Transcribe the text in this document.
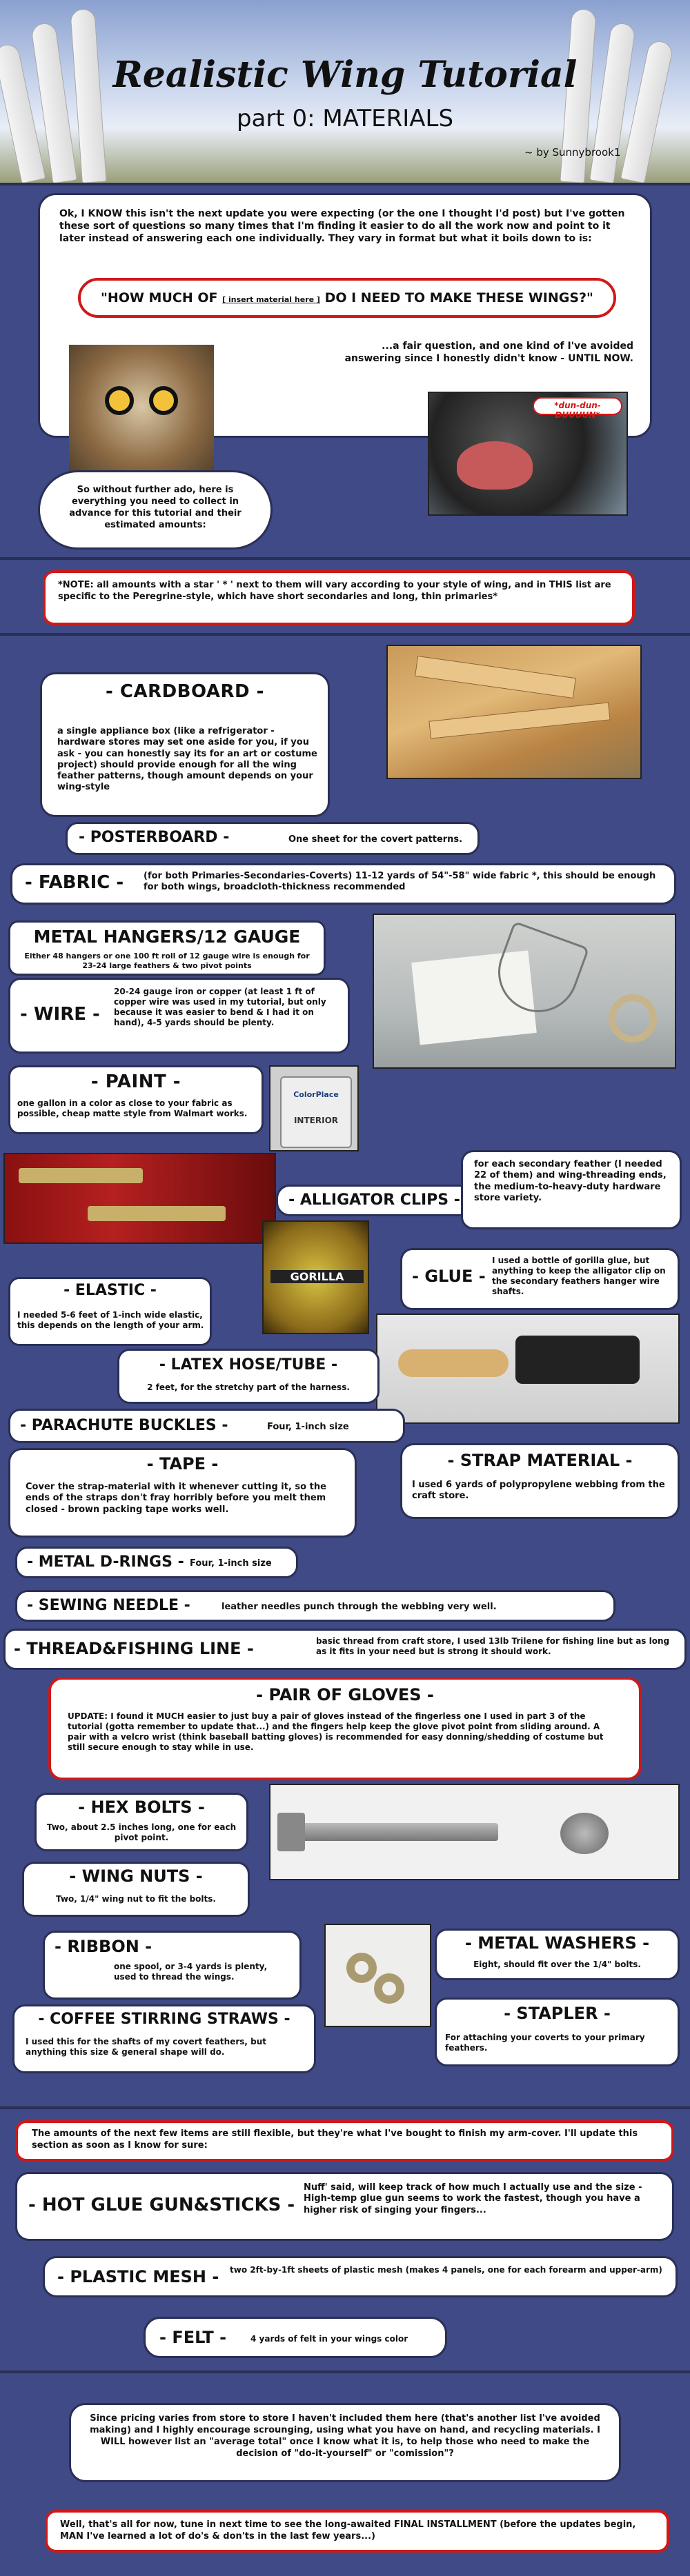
Realistic Wing Tutorial
part 0: MATERIALS
~ by Sunnybrook1
Ok, I KNOW this isn't the next update you were expecting (or the one I thought I'd post) but I've gotten these sort of questions so many times that I'm finding it easier to do all the work now and point to it later instead of answering each one individually. They vary in format but what it boils down to is:
"HOW MUCH OF [ insert material here ] DO I NEED TO MAKE THESE WINGS?"
...a fair question, and one kind of I've avoided answering since I honestly didn't know - UNTIL NOW.
*dun-dun-DUUUUN*
So without further ado, here is everything you need to collect in advance for this tutorial and their estimated amounts:
*NOTE: all amounts with a star ' * ' next to them will vary according to your style of wing, and in THIS list are specific to the Peregrine-style, which have short secondaries and long, thin primaries*
- CARDBOARD -
a single appliance box (like a refrigerator - hardware stores may set one aside for you, if you ask - you can honestly say its for an art or costume project) should provide enough for all the wing feather patterns, though amount depends on your wing-style
- POSTERBOARD -	One sheet for the covert patterns.
- FABRIC - (for both Primaries-Secondaries-Coverts) 11-12 yards of 54"-58" wide fabric *, this should be enough for both wings, broadcloth-thickness recommended
METAL HANGERS/12 GAUGE
Either 48 hangers or one 100 ft roll of 12 gauge wire is enough for 23-24 large feathers & two pivot points
- WIRE -
20-24 gauge iron or copper (at least 1 ft of copper wire was used in my tutorial, but only because it was easier to bend & I had it on hand), 4-5 yards should be plenty.
- PAINT -
one gallon in a color as close to your fabric as possible, cheap matte style from Walmart works.
ColorPlace
INTERIOR
- ALLIGATOR CLIPS -
for each secondary feather (I needed 22 of them) and wing-threading ends, the medium-to-heavy-duty hardware store variety.
- ELASTIC -
I needed 5-6 feet of 1-inch wide elastic, this depends on the length of your arm.
GORILLA	- GLUE -
I used a bottle of gorilla glue, but anything to keep the alligator clip on the secondary feathers hanger wire shafts.
- LATEX HOSE/TUBE -
2 feet, for the stretchy part of the harness.
- PARACHUTE BUCKLES -	Four, 1-inch size
- TAPE -
Cover the strap-material with it whenever cutting it, so the ends of the straps don't fray horribly before you melt them closed - brown packing tape works well.
- STRAP MATERIAL -
I used 6 yards of polypropylene webbing from the craft store.
- METAL D-RINGS - Four, 1-inch size
- SEWING NEEDLE -	leather needles punch through the webbing very well.
- THREAD&FISHING LINE -	basic thread from craft store, I used 13lb Trilene for fishing line but as long as it fits in your need but is strong it should work.
- PAIR OF GLOVES -
UPDATE: I found it MUCH easier to just buy a pair of gloves instead of the fingerless one I used in part 3 of the tutorial (gotta remember to update that...) and the fingers help keep the glove pivot point from sliding around. A pair with a velcro wrist (think baseball batting gloves) is recommended for easy donning/shedding of costume but still secure enough to stay while in use.
- HEX BOLTS -
Two, about 2.5 inches long, one for each pivot point.
- WING NUTS -
Two, 1/4" wing nut to fit the bolts.
- RIBBON -
one spool, or 3-4 yards is plenty, used to thread the wings.
- METAL WASHERS -
Eight, should fit over the 1/4" bolts.
- COFFEE STIRRING STRAWS -
I used this for the shafts of my covert feathers, but anything this size & general shape will do.
- STAPLER -
For attaching your coverts to your primary feathers.
The amounts of the next few items are still flexible, but they're what I've bought to finish my arm-cover. I'll update this section as soon as I know for sure:
- HOT GLUE GUN&STICKS -
Nuff' said, will keep track of how much I actually use and the size - High-temp glue gun seems to work the fastest, though you have a higher risk of singing your fingers...
- PLASTIC MESH - two 2ft-by-1ft sheets of plastic mesh (makes 4 panels, one for each forearm and upper-arm)
- FELT -	4 yards of felt in your wings color
Since pricing varies from store to store I haven't included them here (that's another list I've avoided making) and I highly encourage scrounging, using what you have on hand, and recycling materials. I WILL however list an "average total" once I know what it is, to help those who need to make the decision of "do-it-yourself" or "comission"?
Well, that's all for now, tune in next time to see the long-awaited FINAL INSTALLMENT (before the updates begin, MAN I've learned a lot of do's & don'ts in the last few years...)
